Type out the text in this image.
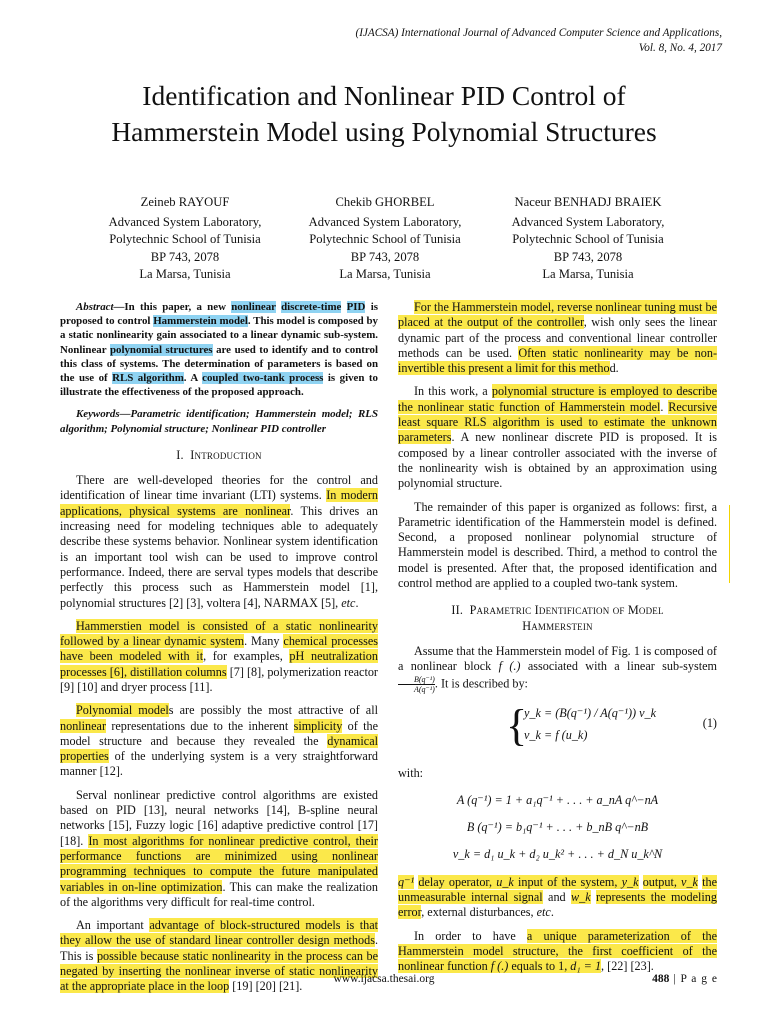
(IJACSA) International Journal of Advanced Computer Science and Applications,
Vol. 8, No. 4, 2017
Identification and Nonlinear PID Control of
Hammerstein Model using Polynomial Structures
Zeineb RAYOUF
Advanced System Laboratory,
Polytechnic School of Tunisia
BP 743, 2078
La Marsa, Tunisia
Chekib GHORBEL
Advanced System Laboratory,
Polytechnic School of Tunisia
BP 743, 2078
La Marsa, Tunisia
Naceur BENHADJ BRAIEK
Advanced System Laboratory,
Polytechnic School of Tunisia
BP 743, 2078
La Marsa, Tunisia

Abstract—In this paper, a new nonlinear discrete-time PID is proposed to control Hammerstein model. This model is composed by a static nonlinearity gain associated to a linear dynamic sub-system. Nonlinear polynomial structures are used to identify and to control this class of systems. The determination of parameters is based on the use of RLS algorithm. A coupled two-tank process is given to illustrate the effectiveness of the proposed approach.

Keywords—Parametric identification; Hammerstein model; RLS algorithm; Polynomial structure; Nonlinear PID controller

I. Introduction

There are well-developed theories for the control and identification of linear time invariant (LTI) systems. In modern applications, physical systems are nonlinear. This drives an increasing need for modeling techniques able to adequately describe these systems behavior. Nonlinear system identification is an important tool wish can be used to improve control performance. Indeed, there are serval types models that describe perfectly this process such as Hammerstein model [1], polynomial structures [2] [3], voltera [4], NARMAX [5], etc.

Hammerstien model is consisted of a static nonlinearity followed by a linear dynamic system. Many chemical processes have been modeled with it, for examples, pH neutralization processes [6], distillation columns [7] [8], polymerization reactor [9] [10] and dryer process [11].

Polynomial models are possibly the most attractive of all nonlinear representations due to the inherent simplicity of the model structure and because they revealed the dynamical properties of the underlying system is a very straightforward manner [12].

Serval nonlinear predictive control algorithms are existed based on PID [13], neural networks [14], B-spline neural networks [15], Fuzzy logic [16] adaptive predictive control [17] [18]. In most algorithms for nonlinear predictive control, their performance functions are minimized using nonlinear programming techniques to compute the future manipulated variables in on-line optimization. This can make the realization of the algorithms very difficult for real-time control.

An important advantage of block-structured models is that they allow the use of standard linear controller design methods. This is possible because static nonlinearity in the process can be negated by inserting the nonlinear inverse of static nonlinearity at the appropriate place in the loop [19] [20] [21].

For the Hammerstein model, reverse nonlinear tuning must be placed at the output of the controller, wish only sees the linear dynamic part of the process and conventional linear controller methods can be used. Often static nonlinearity may be non-invertible this present a limit for this method.

In this work, a polynomial structure is employed to describe the nonlinear static function of Hammerstein model. Recursive least square RLS algorithm is used to estimate the unknown parameters. A new nonlinear discrete PID is proposed. It is composed by a linear controller associated with the inverse of the nonlinearity wish is obtained by an approximation using polynomial structure.

The remainder of this paper is organized as follows: first, a Parametric identification of the Hammerstein model is defined. Second, a proposed nonlinear polynomial structure of Hammerstein model is described. Third, a method to control the model is presented. After that, the proposed identification and control method are applied to a coupled two-tank system.

II. Parametric Identification of Model
Hammerstein

Assume that the Hammerstein model of Fig. 1 is composed of a nonlinear block f (.) associated with a linear sub-system
$\frac{\text{B(q⁻¹)}}{\text{A(q⁻¹)}}$ . It is described by:

{
y_k = (B(q⁻¹) / A(q⁻¹)) v_k
v_k = f (u_k)
(1)

with:

A (q⁻¹) = 1 + a₁q⁻¹ + . . . + a_nA q^−nA

B (q⁻¹) = b₁q⁻¹ + . . . + b_nB q^−nB

v_k = d₁ u_k + d₂ u_k² + . . . + d_N u_k^N

q⁻¹ delay operator, u_k input of the system, y_k output, v_k the unmeasurable internal signal and w_k represents the modeling error, external disturbances, etc.

In order to have a unique parameterization of the Hammerstein model structure, the first coefficient of the nonlinear function f (.) equals to 1, d₁ = 1, [22] [23].

www.ijacsa.thesai.org	488 | P a g e
